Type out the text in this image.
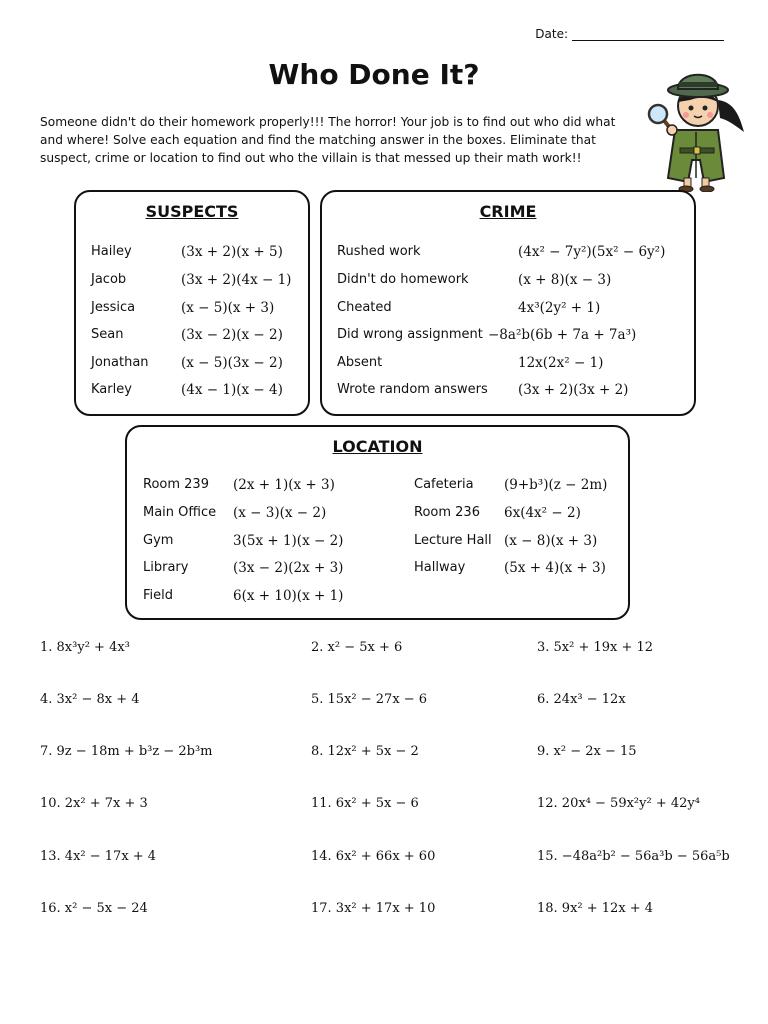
Date:
Who Done It?
Someone didn't do their homework properly!!! The horror! Your job is to find out who did what and where! Solve each equation and find the matching answer in the boxes. Eliminate that suspect, crime or location to find out who the villain is that messed up their math work!!
SUSPECTS
Hailey	(3x + 2)(x + 5)
Jacob	(3x + 2)(4x − 1)
Jessica	(x − 5)(x + 3)
Sean	(3x − 2)(x − 2)
Jonathan (x − 5)(3x − 2)
Karley	(4x − 1)(x − 4)
CRIME
Rushed work	(4x² − 7y²)(5x² − 6y²)
Didn't do homework	(x + 8)(x − 3)
Cheated	4x³(2y² + 1)
Did wrong assignment −8a²b(6b + 7a + 7a³)
Absent	12x(2x² − 1)
Wrote random answers (3x + 2)(3x + 2)
LOCATION
Room 239 (2x + 1)(x + 3)
Main Office (x − 3)(x − 2)
Gym	3(5x + 1)(x − 2)
Library	(3x − 2)(2x + 3)
Field	6(x + 10)(x + 1)
Cafeteria (9+b³)(z − 2m)
Room 236 6x(4x² − 2)
Lecture Hall (x − 8)(x + 3)
Hallway	(5x + 4)(x + 3)
1. 8x³y² + 4x³	2. x² − 5x + 6	3. 5x² + 19x + 12
4. 3x² − 8x + 4	5. 15x² − 27x − 6	6. 24x³ − 12x
7. 9z − 18m + b³z − 2b³m	8. 12x² + 5x − 2	9. x² − 2x − 15
10. 2x² + 7x + 3	11. 6x² + 5x − 6	12. 20x⁴ − 59x²y² + 42y⁴
13. 4x² − 17x + 4	14. 6x² + 66x + 60	15. −48a²b² − 56a³b − 56a⁵b
16. x² − 5x − 24	17. 3x² + 17x + 10	18. 9x² + 12x + 4
